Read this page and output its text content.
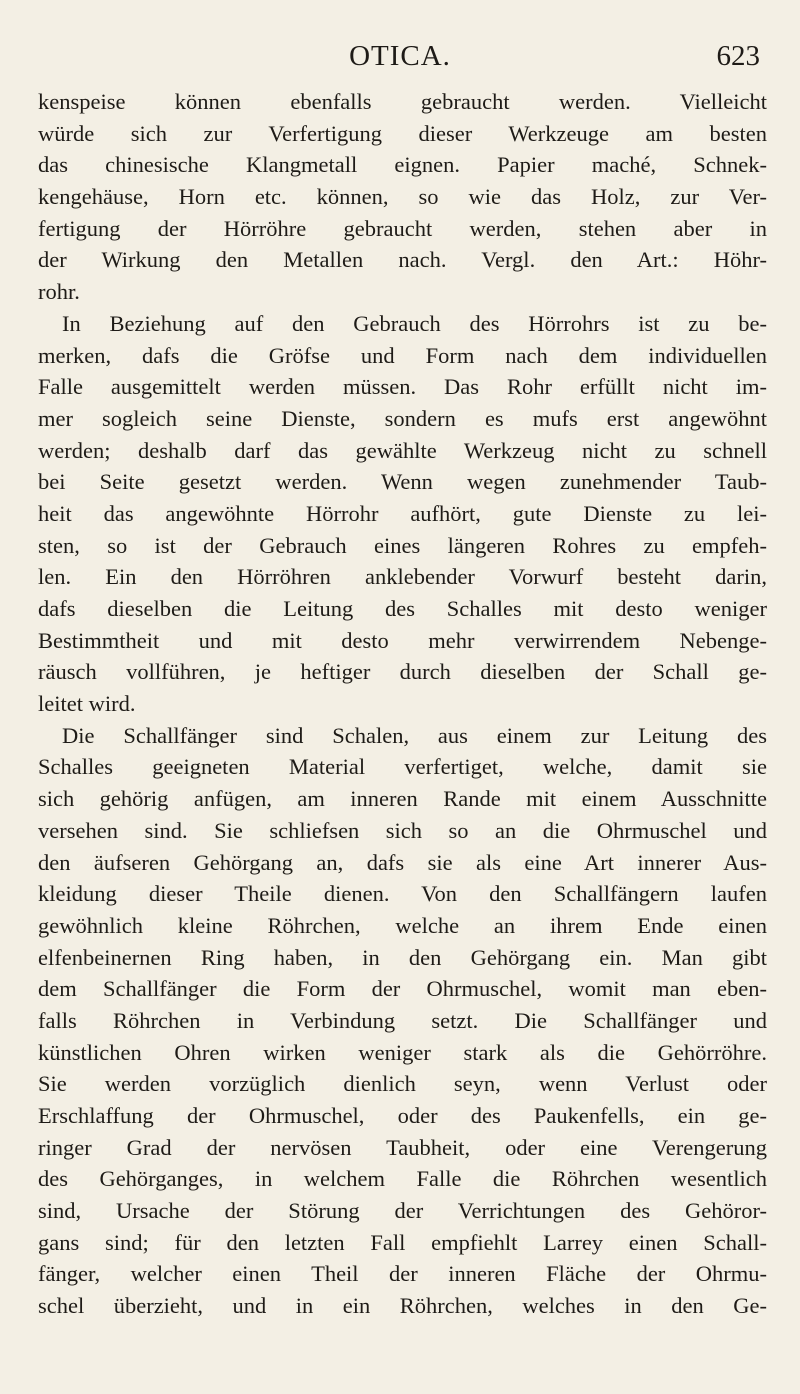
OTICA.	623
kenspeise können ebenfalls gebraucht werden. Vielleicht
würde sich zur Verfertigung dieser Werkzeuge am besten
das chinesische Klangmetall eignen. Papier maché, Schnek-
kengehäuse, Horn etc. können, so wie das Holz, zur Ver-
fertigung der Hörröhre gebraucht werden, stehen aber in
der Wirkung den Metallen nach. Vergl. den Art.: Höhr-
rohr.
In Beziehung auf den Gebrauch des Hörrohrs ist zu be-
merken, dafs die Gröfse und Form nach dem individuellen
Falle ausgemittelt werden müssen. Das Rohr erfüllt nicht im-
mer sogleich seine Dienste, sondern es mufs erst angewöhnt
werden; deshalb darf das gewählte Werkzeug nicht zu schnell
bei Seite gesetzt werden. Wenn wegen zunehmender Taub-
heit das angewöhnte Hörrohr aufhört, gute Dienste zu lei-
sten, so ist der Gebrauch eines längeren Rohres zu empfeh-
len. Ein den Hörröhren anklebender Vorwurf besteht darin,
dafs dieselben die Leitung des Schalles mit desto weniger
Bestimmtheit und mit desto mehr verwirrendem Nebenge-
räusch vollführen, je heftiger durch dieselben der Schall ge-
leitet wird.
Die Schallfänger sind Schalen, aus einem zur Leitung des
Schalles geeigneten Material verfertiget, welche, damit sie
sich gehörig anfügen, am inneren Rande mit einem Ausschnitte
versehen sind. Sie schliefsen sich so an die Ohrmuschel und
den äufseren Gehörgang an, dafs sie als eine Art innerer Aus-
kleidung dieser Theile dienen. Von den Schallfängern laufen
gewöhnlich kleine Röhrchen, welche an ihrem Ende einen
elfenbeinernen Ring haben, in den Gehörgang ein. Man gibt
dem Schallfänger die Form der Ohrmuschel, womit man eben-
falls Röhrchen in Verbindung setzt. Die Schallfänger und
künstlichen Ohren wirken weniger stark als die Gehörröhre.
Sie werden vorzüglich dienlich seyn, wenn Verlust oder
Erschlaffung der Ohrmuschel, oder des Paukenfells, ein ge-
ringer Grad der nervösen Taubheit, oder eine Verengerung
des Gehörganges, in welchem Falle die Röhrchen wesentlich
sind, Ursache der Störung der Verrichtungen des Gehöror-
gans sind; für den letzten Fall empfiehlt Larrey einen Schall-
fänger, welcher einen Theil der inneren Fläche der Ohrmu-
schel überzieht, und in ein Röhrchen, welches in den Ge-
